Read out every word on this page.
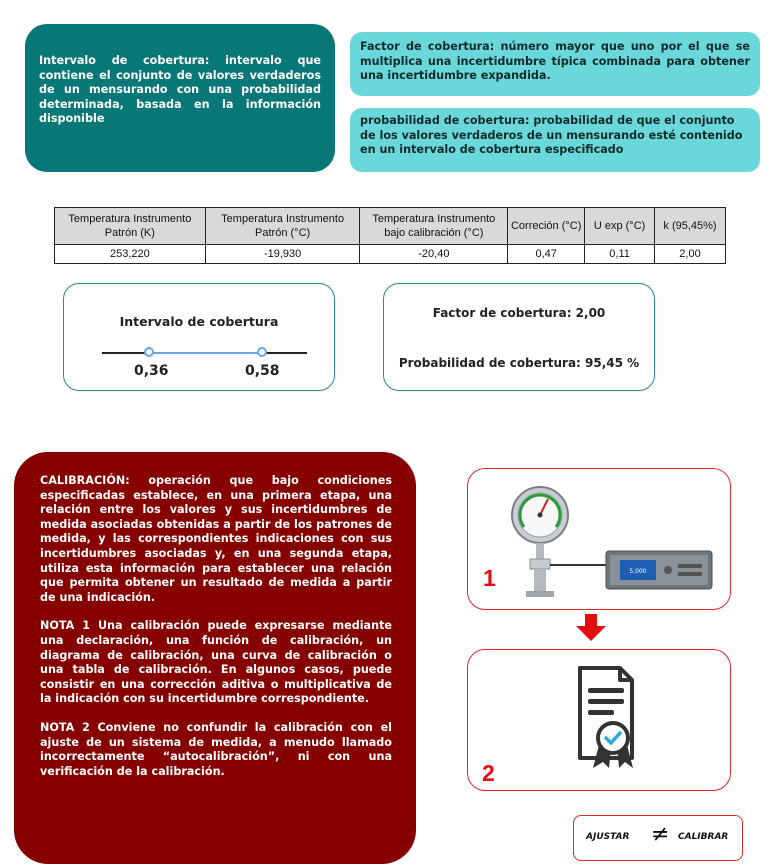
Intervalo de cobertura: intervalo que contiene el conjunto de valores verdaderos de un mensurando con una probabilidad determinada, basada en la información disponible
Factor de cobertura: número mayor que uno por el que se multiplica una incertidumbre típica combinada para obtener una incertidumbre expandida.
probabilidad de cobertura: probabilidad de que el conjunto de los valores verdaderos de un mensurando esté contenido en un intervalo de cobertura especificado
Temperatura Instrumento Patrón (K)	Temperatura Instrumento Patrón (°C)	Temperatura Instrumento bajo calibración (°C)	Correción (°C)	U exp (°C)	k (95,45%)
253,220	-19,930	-20,40	0,47	0,11	2,00
Intervalo de cobertura
0,36	0,58
Factor de cobertura: 2,00
Probabilidad de cobertura: 95,45 %

CALIBRACIÓN: operación que bajo condiciones especificadas establece, en una primera etapa, una relación entre los valores y sus incertidumbres de medida asociadas obtenidas a partir de los patrones de medida, y las correspondientes indicaciones con sus incertidumbres asociadas y, en una segunda etapa, utiliza esta información para establecer una relación que permita obtener un resultado de medida a partir de una indicación.

NOTA 1 Una calibración puede expresarse mediante una declaración, una función de calibración, un diagrama de calibración, una curva de calibración o una tabla de calibración. En algunos casos, puede consistir en una corrección aditiva o multiplicativa de la indicación con su incertidumbre correspondiente.

NOTA 2 Conviene no confundir la calibración con el ajuste de un sistema de medida, a menudo llamado incorrectamente “autocalibración”, ni con una verificación de la calibración.

5.000
1
2
AJUSTAR ≠ CALIBRAR
